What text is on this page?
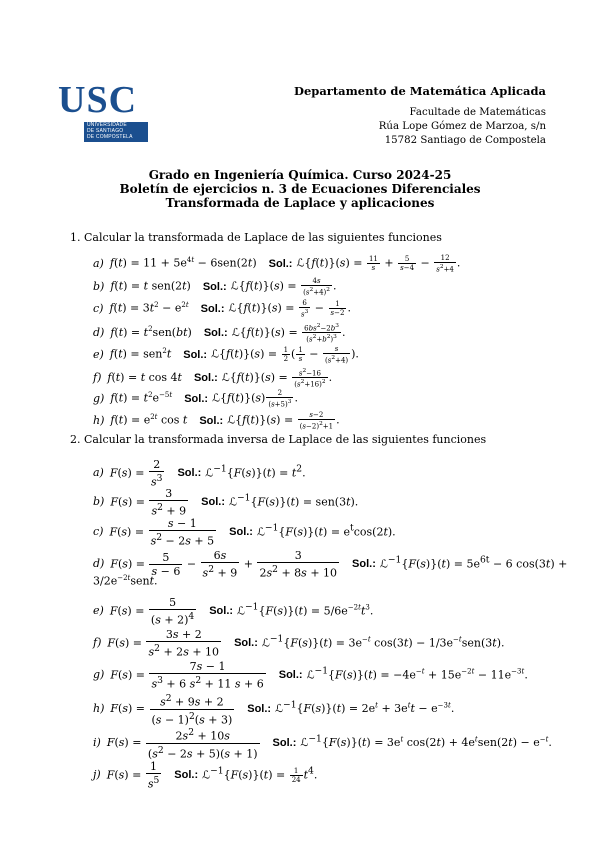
USC
UNIVERSIDADE
DE SANTIAGO
DE COMPOSTELA
Departamento de Matemática Aplicada
Facultade de Matemáticas
Rúa Lope Gómez de Marzoa, s/n
15782 Santiago de Compostela
Grado en Ingeniería Química. Curso 2024-25
Boletín de ejercicios n. 3 de Ecuaciones Diferenciales
Transformada de Laplace y aplicaciones
1. Calcular la transformada de Laplace de las siguientes funciones
a) $f(t) = 11 + 5e^{4t} - 6sen(2t)$ Sol.: ℒ{f(t)}(s) = $\frac{11}{s} + \frac{5}{s-4} - \frac{12}{s^2+4}$ .
b) f(t) = t sen(2t) Sol.: ℒ{f(t)}(s) = $\frac{4s}{(s^2+4)^2}$ .
c) $f(t) = 3t^2 - e^{2t}$ Sol.: ℒ{f(t)}(s) = $\frac{6}{s^3} - \frac{1}{s-2}$ .
d) $f(t) = t^2sen(bt)$ Sol.: ℒ{f(t)}(s) = $\frac{6bs^2-2b^3}{(s^2+b^2)^3}$ .
e) f(t) = sen$^2$t Sol.: ℒ{f(t)}(s) = $\frac{1}{2}$ ( $\frac{1}{s} - \frac{s}{(s^2+4)}$ ).
f) f(t) = t cos 4t Sol.: ℒ{f(t)}(s) = $\frac{s^2-16}{(s^2+16)^2}$ .
g) $f(t) = t^2e^{-5t}$ Sol.: ℒ{f(t)}(s) $\frac{2}{(s+5)^3}$ .
h) $f(t) = e^{2t}$ cos t Sol.: ℒ{f(t)}(s) = $\frac{s-2}{(s-2)^2+1}$ .
2. Calcular la transformada inversa de Laplace de las siguientes funciones
a) $F(s) = \frac{2}{s^3}$ Sol.: ℒ$^{-1}${F(s)}(t) = $t^2$.
b) $F(s) = \frac{3}{s^2 + 9}$ Sol.: ℒ$^{-1}${F(s)}(t) = sen(3t).
c) $F(s) = \frac{s - 1}{s^2 - 2s + 5}$ Sol.: ℒ$^{-1}${F(s)}(t) = $e^t\cos(2t)$.
d) $F(s) = \frac{5}{s - 6} - \frac{6s}{s^2 + 9} + \frac{3}{2s^2 + 8s + 10}$ Sol.: ℒ$^{-1}${F(s)}(t) = $5e^{6t} - 6$ cos(3t) +
$3/2e^{-2t}sent$.
e) $F(s) = \frac{5}{(s + 2)^4}$ Sol.: ℒ$^{-1}${F(s)}(t) = $5/6e^{-2t}t^3$.
f) $F(s) = \frac{3s + 2}{s^2 + 2s + 10}$ Sol.: ℒ$^{-1}${F(s)}(t) = $3e^{-t}$ $\cos(3t) - 1/3e^{-t}sen(3t)$.
g) $F(s) = \frac{7s - 1}{s^3 + 6 s^2 + 11 s + 6}$ Sol.: ℒ$^{-1}${F(s)}(t) = $-4e^{-t} + 15e^{-2t} - 11e^{-3t}$.
h) $F(s) = \frac{s^2 + 9s + 2}{(s - 1)^2(s + 3)}$ Sol.: ℒ$^{-1}${F(s)}(t) = $2e^t + 3e^tt - e^{-3t}$.
i) $F(s) = \frac{2s^2 + 10s}{(s^2 - 2s + 5)(s + 1)}$ Sol.: ℒ$^{-1}${F(s)}(t) = $3e^t$ $\cos(2t) + 4e^tsen(2t) - e^{-t}$.
j) $F(s) = \frac{1}{s^5}$ Sol.: ℒ$^{-1}${F(s)}(t) = $\frac{1}{24} t^4$.
